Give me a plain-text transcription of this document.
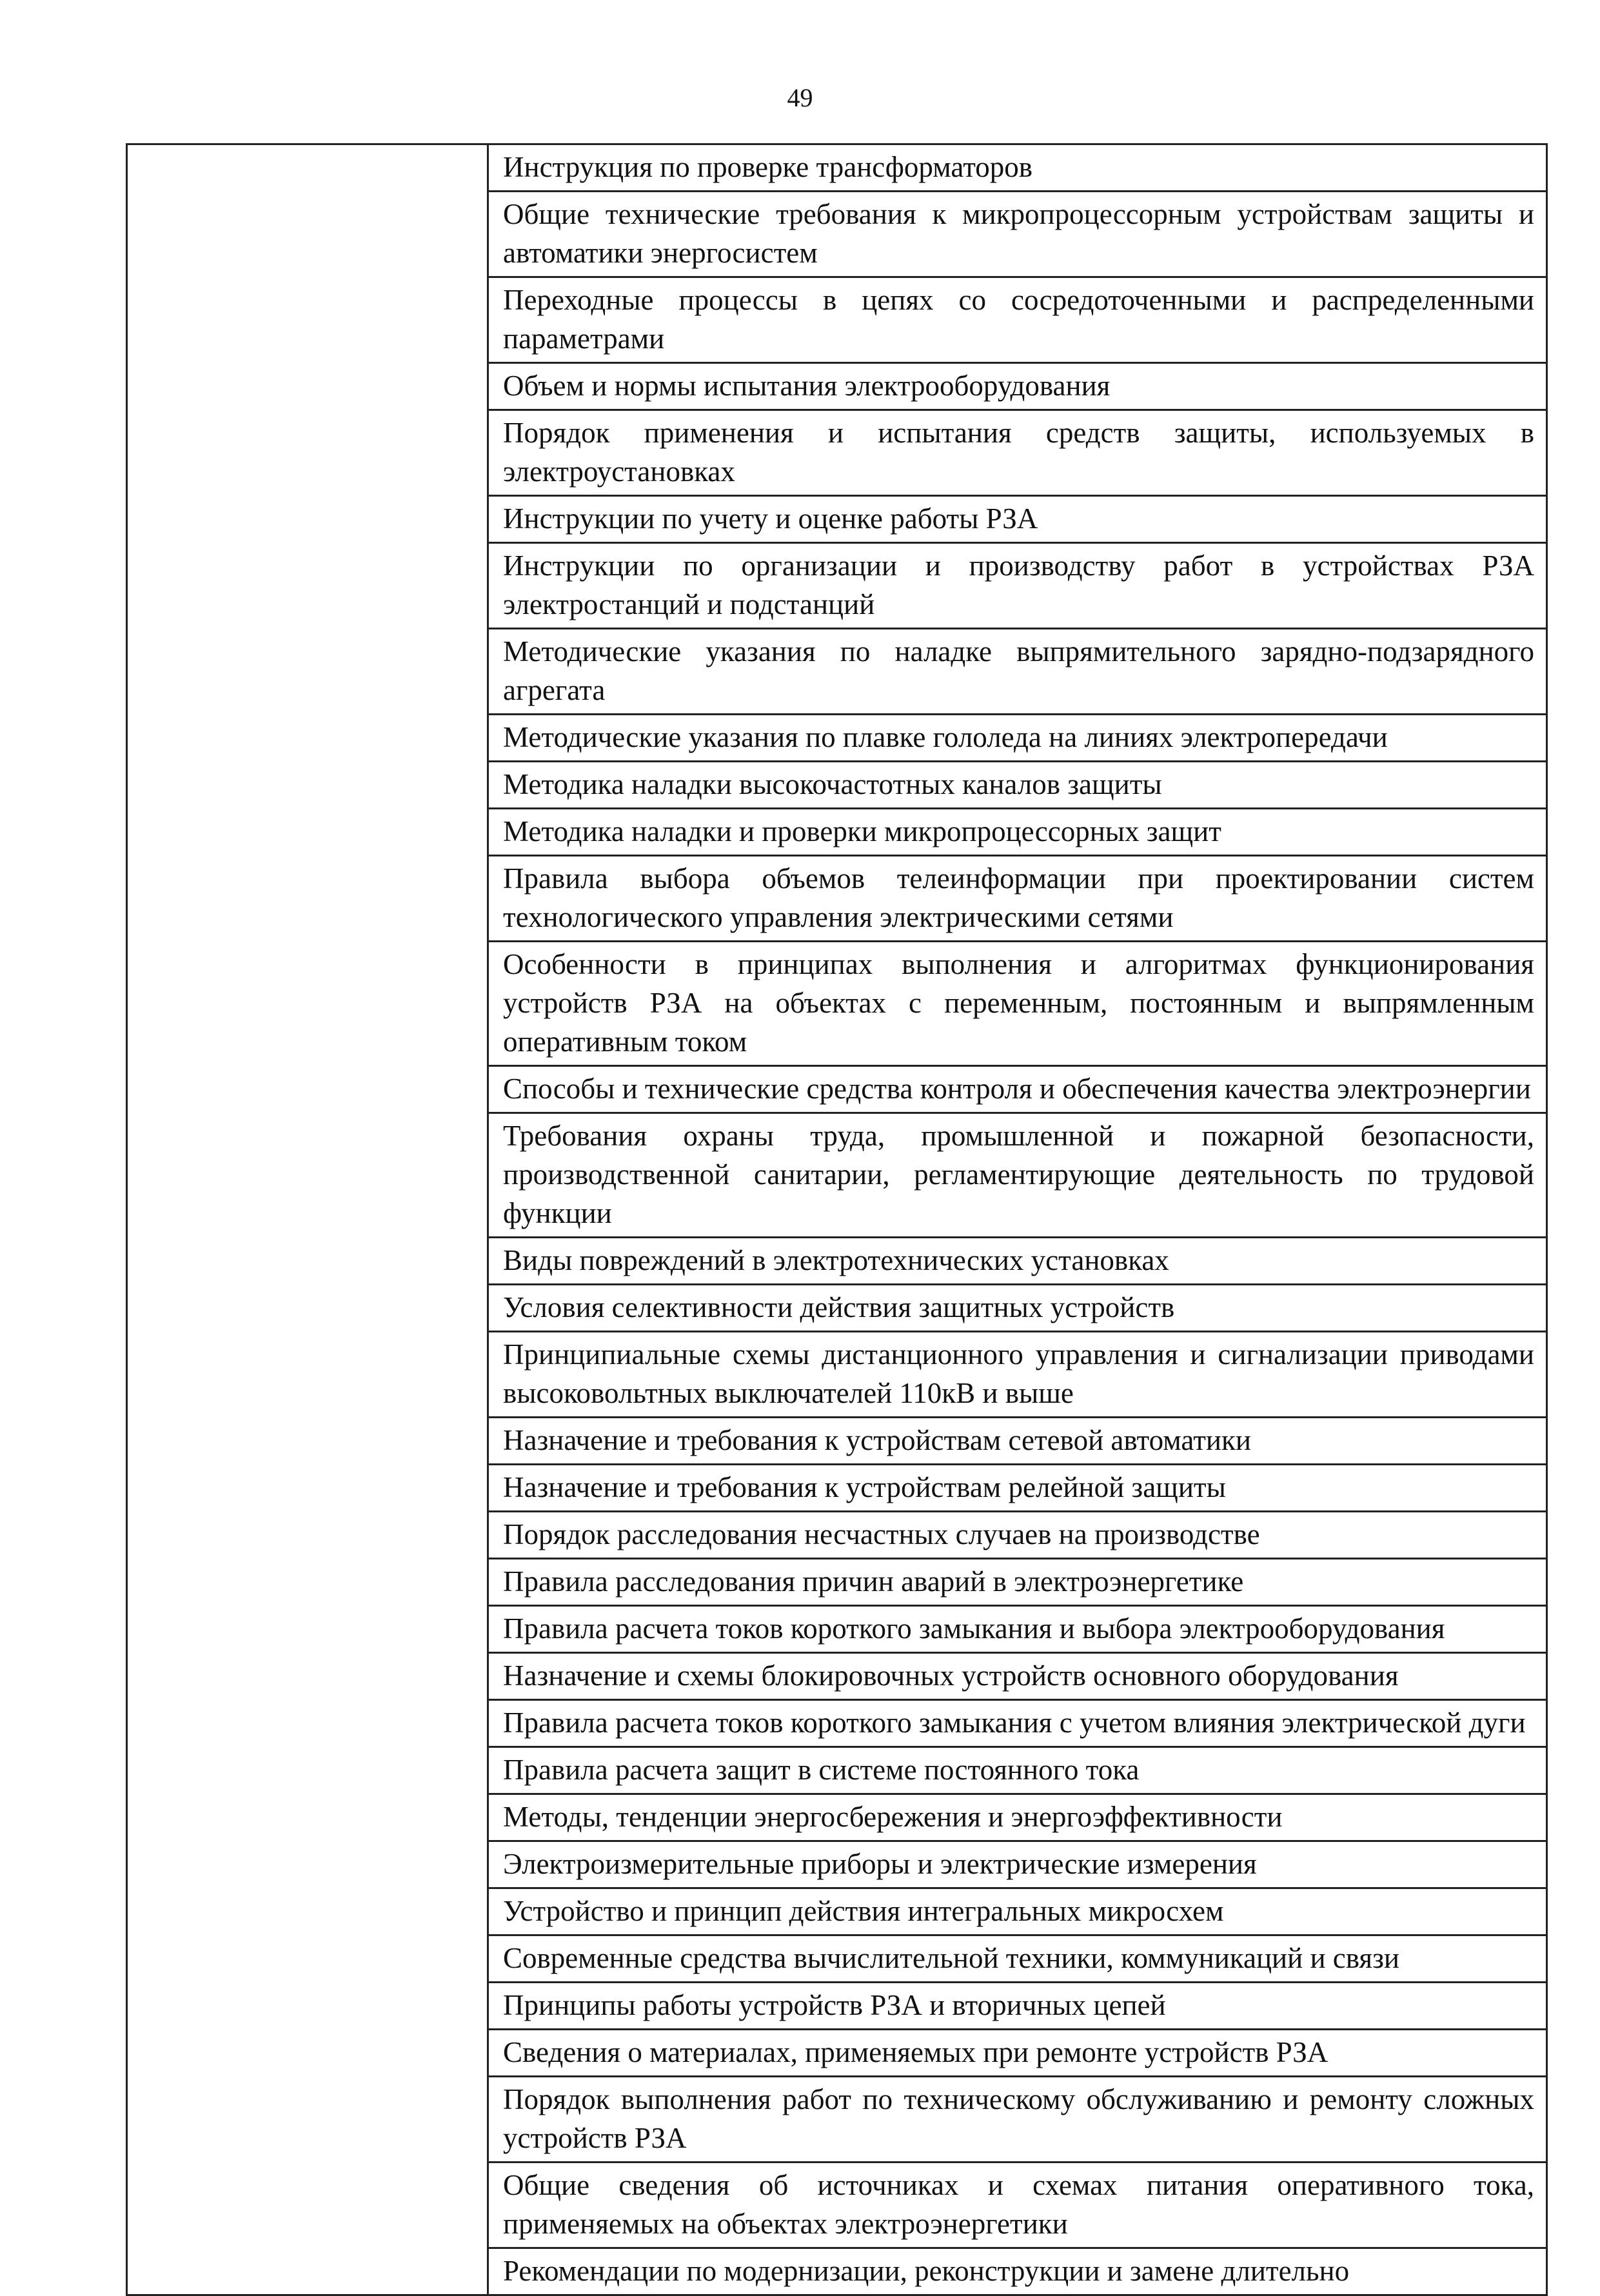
49
	Инструкция по проверке трансформаторов
Общие технические требования к микропроцессорным устройствам защиты и автоматики энергосистем
Переходные процессы в цепях со сосредоточенными и распределенными параметрами
Объем и нормы испытания электрооборудования
Порядок применения и испытания средств защиты, используемых в электроустановках
Инструкции по учету и оценке работы РЗА
Инструкции по организации и производству работ в устройствах РЗА электростанций и подстанций
Методические указания по наладке выпрямительного зарядно-подзарядного агрегата
Методические указания по плавке гололеда на линиях электропередачи
Методика наладки высокочастотных каналов защиты
Методика наладки и проверки микропроцессорных защит
Правила выбора объемов телеинформации при проектировании систем технологического управления электрическими сетями
Особенности в принципах выполнения и алгоритмах функционирования устройств РЗА на объектах с переменным, постоянным и выпрямленным оперативным током
Способы и технические средства контроля и обеспечения качества электроэнергии
Требования охраны труда, промышленной и пожарной безопасности, производственной санитарии, регламентирующие деятельность по трудовой функции
Виды повреждений в электротехнических установках
Условия селективности действия защитных устройств
Принципиальные схемы дистанционного управления и сигнализации приводами высоковольтных выключателей 110кВ и выше
Назначение и требования к устройствам сетевой автоматики
Назначение и требования к устройствам релейной защиты
Порядок расследования несчастных случаев на производстве
Правила расследования причин аварий в электроэнергетике
Правила расчета токов короткого замыкания и выбора электрооборудования
Назначение и схемы блокировочных устройств основного оборудования
Правила расчета токов короткого замыкания с учетом влияния электрической дуги
Правила расчета защит в системе постоянного тока
Методы, тенденции энергосбережения и энергоэффективности
Электроизмерительные приборы и электрические измерения
Устройство и принцип действия интегральных микросхем
Современные средства вычислительной техники, коммуникаций и связи
Принципы работы устройств РЗА и вторичных цепей
Сведения о материалах, применяемых при ремонте устройств РЗА
Порядок выполнения работ по техническому обслуживанию и ремонту сложных устройств РЗА
Общие сведения об источниках и схемах питания оперативного тока, применяемых на объектах электроэнергетики
Рекомендации по модернизации, реконструкции и замене длительно
